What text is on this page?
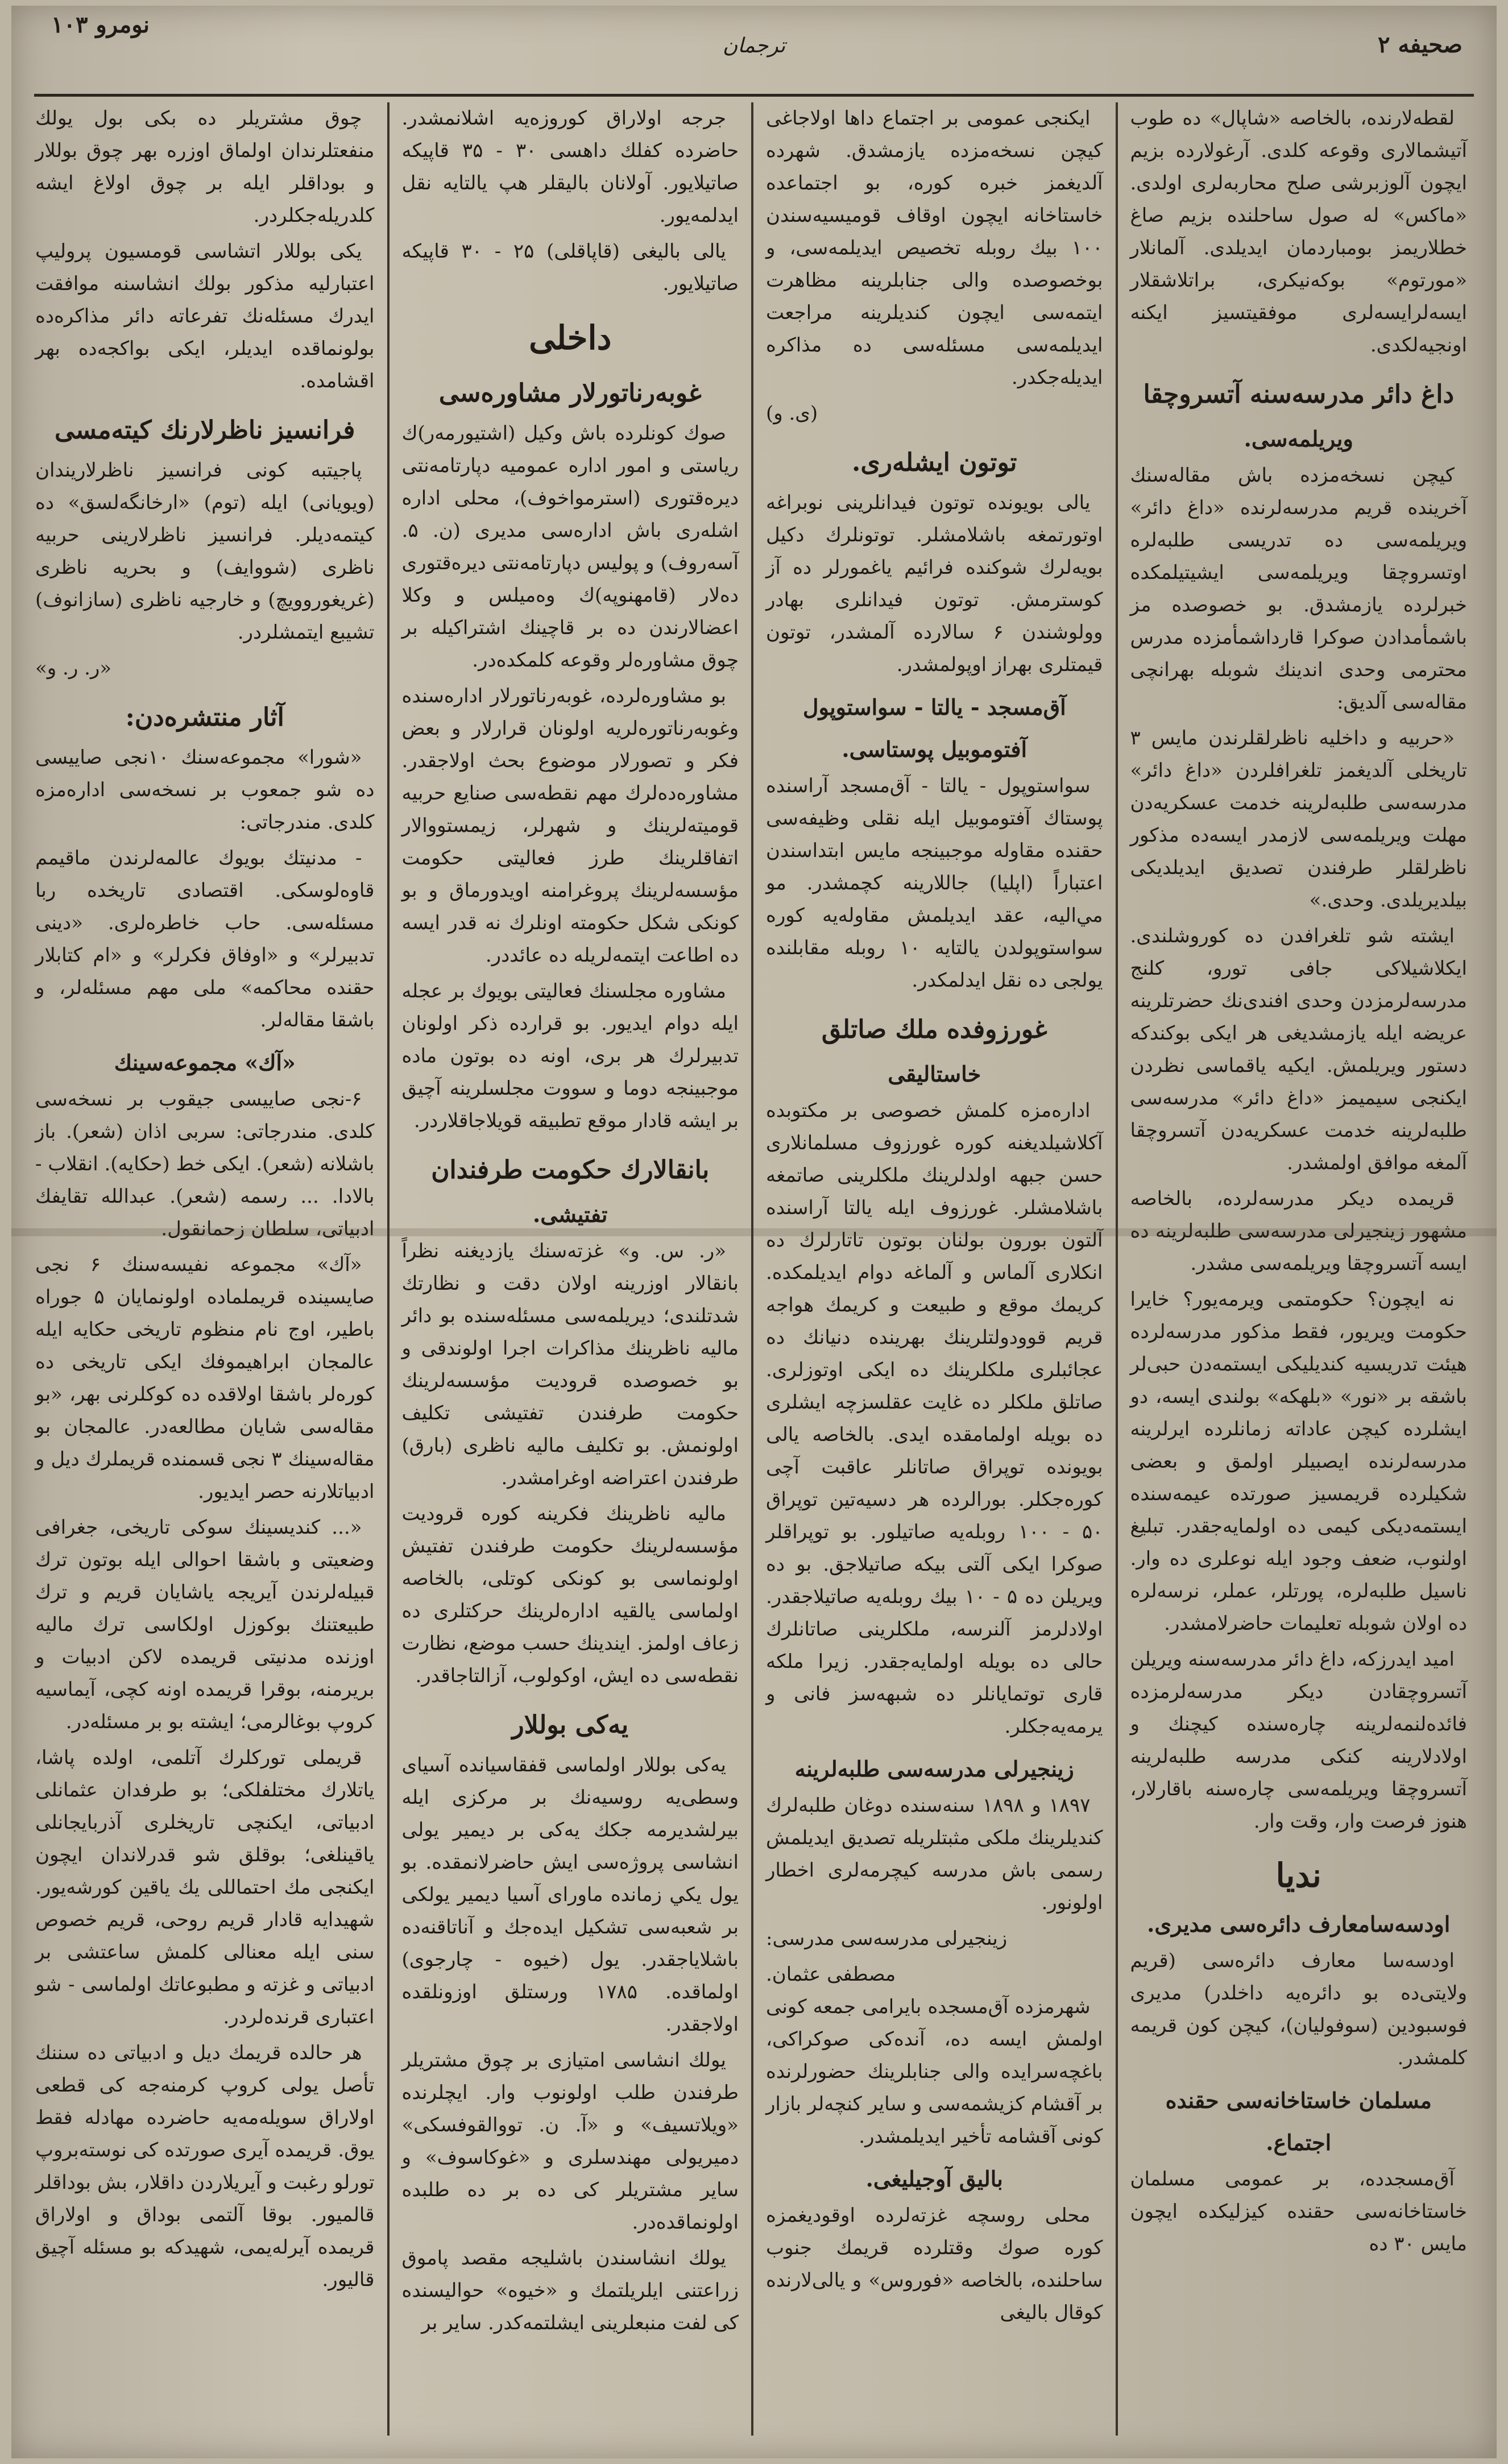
صحيفه ۲
ترجمان
نومرو ۱۰۳

لقطه‌لارنده، بالخاصه «شاپال» ده طوب آتيشمالاری وقوعه كلدی. آرغولارده بزيم ايچون آلوزبرشی صلح محاربه‌لری اولدی. «ماكس» له صول ساحلنده بزيم صاغ خطلاريمز بومباردمان ايديلدی. آلمانلار «مورتوم» بوكه‌نيكری، براتلاشقلار ايسه‌لرايسه‌لری موفقيتسيز ايكنه اونجيه‌لكدی.

داغ دائر مدرسه‌سنه آتسروچقا
ويريلمه‌سی.

كيچن نسخه‌مزده باش مقاله‌سنك آخرينده قريم مدرسه‌لرنده «داغ دائر» ويريلمه‌سی ده تدريسی طلبه‌لره اوتسروچقا ويريلمه‌سی ايشيتيلمكده خبرلرده يازمشدق. بو خصوصده مز باشمأمدادن صوكرا قارداشمأمزده مدرس محترمی وحدی اندینك شوبله بهرانچی مقاله‌سی آلديق:

«حربيه و داخليه ناظرلقلرندن مايس ۳ تاريخلی آلديغمز تلغرافلردن «داغ دائر» مدرسه‌سی طلبه‌لرينه خدمت عسكريه‌دن مهلت ويريلمه‌سی لازمدر ايسه‌ده مذكور ناظرلقلر طرفندن تصديق ايديلديكی بيلديريلدی. وحدی.»

ايشته شو تلغرافدن ده كوروشلندی. ايكلاشيلاكی جافی تورو، كلنج مدرسه‌لرمزدن وحدی افندی‌نك حضرتلرينه عريضه ايله يازمشديغی هر ايكی بوكندكه دستور ويريلمش. ايكيه ياقماسی نظردن ايكنجی سيميمز «داغ دائر» مدرسه‌سی طلبه‌لرينه خدمت عسكريه‌دن آتسروچقا آلمغه موافق اولمشدر.

قريمده ديكر مدرسه‌لرده، بالخاصه مشهور زينجيرلی مدرسه‌سی طلبه‌لرينه ده ايسه آتسروچقا ويريلمه‌سی مشدر.

نه ايچون؟ حكومتمی ويرمه‌يور؟ خايرا حكومت ويريور، فقط مذكور مدرسه‌لرده هيئت تدريسيه كنديليكی ايستمه‌دن حبی‌لر باشقه بر «نور» «بلهكه» بولندی ايسه، دو ايشلرده كيچن عاداته زمانلرده ايرلرينه مدرسه‌لرنده ايصبيلر اولمق و بعضی شكيلرده قريمسيز صورتده عيمه‌سنده ايستمه‌ديكی كيمی ده اولمايه‌جقدر. تبليغ اولنوب، ضعف وجود ايله نوعلری ده وار. ناسيل طلبه‌لره، پورتلر، عملر، نرسه‌لره ده اولان شوبله تعليمات حاضرلامشدر.

اميد ايدرزكه، داغ دائر مدرسه‌سنه ويريلن آتسروچقادن ديكر مدرسه‌لرمزده فائده‌لنمه‌لرينه چاره‌سنده كيچنك و اولادلارينه كنكی مدرسه طلبه‌لرينه آتسروچقا ويريلمه‌سی چاره‌سنه باقارلار، هنوز فرصت وار، وقت وار.

نديا
اودسه‌سامعارف دائره‌سی مديری.

اودسه‌سا معارف دائره‌سی (قريم ولايتی‌ده بو دائره‌يه داخلدر) مديری فوسبودين (سوفوليان)، كيچن كون قريمه كلمشدر.

مسلمان خاستاخانه‌سی حقنده
اجتماع.

آق‌مسجدده، بر عمومی مسلمان خاستاخانه‌سی حقنده كيزليكده ايچون مايس ۳۰ ده

ايكنجی عمومی بر اجتماع داها اولاجاغی كيچن نسخه‌مزده يازمشدق. شهرده آلديغمز خبره كوره، بو اجتماعده خاستاخانه ايچون اوقاف قوميسيه‌سندن ۱۰۰ بيك روبله تخصيص ايديلمه‌سی، و بوخصوصده والی جنابلرينه مظاهرت ايتمه‌سی ايچون كنديلرينه مراجعت ايديلمه‌سی مسئله‌سی ده مذاكره ايديله‌جكدر.

(ی. و)
توتون ايشله‌ری.

يالی بويونده توتون فيدانلرينی نوبراغه اوتورتمغه باشلامشلر. توتونلرك دكيل بويه‌لرك شوكنده فرائيم ياغمورلر ده آز كوسترمش. توتون فيدانلری بهادر وولوشندن ۶ سالارده آلمشدر، توتون قيمتلری بهراز اوپولمشدر.

آق‌مسجد - يالتا - سواستوپول
آفتوموبيل پوستاسی.

سواستوپول - يالتا - آق‌مسجد آراسنده پوستاك آفتوموبيل ايله نقلی وظيفه‌سی حقنده مقاوله موجبينجه مايس ابتداسندن اعتباراً (اپليا) جاللارينه كچمشدر. مو مي‌اليه، عقد ايديلمش مقاوله‌يه كوره سواستوپولدن يالتايه ۱۰ روبله مقابلنده يولجی ده نقل ايدلمكدر.

غورزوفده ملك صاتلق
خاستاليقی

اداره‌مزه كلمش خصوصی بر مكتوبده آكلاشيلديغنه كوره غورزوف مسلمانلاری حسن جبهه اولدلرينك ملكلرينی صاتمغه باشلامشلر. غورزوف ايله يالتا آراسنده آلتون بورون بولنان بوتون تاتارلرك ده انكلاری آلماس و آلماغه دوام ايديلمكده. كريمك موقع و طبيعت و كريمك هواجه قريم قوودولتلرينك بهرينده دنيانك ده عجائبلری ملكلرينك ده ايكی اوتوزلری. صاتلق ملكلر ده غايت عقلسزچه ايشلری ده بويله اولمامقده ايدی. بالخاصه يالی بويونده توپراق صاتانلر عاقبت آچی كوره‌جكلر. بورالرده هر دسيه‌تين توپراق ۵۰ - ۱۰۰ روبله‌يه صاتيلور. بو توپراقلر صوكرا ايكی آلتی بيكه صاتيلا‌جق. بو ده ويريلن ده ۵ - ۱۰ بيك روبله‌يه صاتيلا‌جقدر. اولادلرمز آلنرسه، ملكلرينی صاتانلرك حالی ده بويله اولمايه‌جقدر. زيرا ملكه قاری توتمايانلر ده شبهه‌سز فانی و يرمه‌يه‌جكلر.

زينجيرلی مدرسه‌سی طلبه‌لرينه

۱۸۹۷ و ۱۸۹۸ سنه‌سنده دوغان طلبه‌لرك كنديلرينك ملكی مثبتلريله تصديق ايديلمش رسمی باش مدرسه كيچرمه‌لری اخطار اولونور.

زينجيرلی مدرسه‌سی مدرسی:
مصطفی عثمان.

شهرمزده آق‌مسجده بايرامی جمعه كونی اولمش ايسه ده، آنده‌كی صوكراكی، باغچه‌سرايده والی جنابلرينك حضورلرنده بر آقشام كزيشمه‌سی و ساير كنچه‌لر بازار كونی آقشامه تأخير ايديلمشدر.

باليق آوجيليغی.

محلی روسچه غزته‌لرده اوقوديغمزه كوره صوك وقتلرده قريمك جنوب ساحلنده، بالخاصه «فوروس» و يالی‌لارنده كوقال باليغی

جرجه اولاراق كوروزه‌يه اشلانمشدر. حاضرده كفلك داهسی ۳۰ - ۳۵ قاپيكه صاتيلا‌يور. آولانان باليقلر هپ يالتايه نقل ايدلمه‌يور.

يالی باليغی (قاپاقلی) ۲۵ - ۳۰ قاپيكه صاتيلا‌يور.

داخلی
غوبه‌رناتورلار مشاوره‌سی

صوك كونلرده باش وكيل (اشتيورمه‌ر)ك رياستی و امور اداره عموميه دپارتامه‌نتی ديره‌قتوری (استرمواخوف)، محلی اداره اشله‌ری باش اداره‌سی مديری (ن. ۵. آسه‌روف) و پوليس دپارتامه‌نتی ديره‌قتوری ده‌لار (قامهنوپه)ك وه‌ميلس و وكلا اعضالارندن ده بر قاچينك اشتراكيله بر چوق مشاوره‌لر وقوعه كلمكده‌در.

بو مشاوره‌لرده، غوبه‌رناتورلار اداره‌سنده وغوبه‌رناتوره‌لريه اولونان قرارلار و بعض فكر و تصورلار موضوع بحث اولاجقدر. مشاوره‌ده‌لرك مهم نقطه‌سی صنايع حربيه قوميته‌لرينك و شهرلر، زيمستووالار اتفاقلرينك طرز فعاليتی حكومت مؤسسه‌لرينك پروغرامنه اويدورماق و بو كونکی شکل حكومته اونلرك نه قدر ايسه ده اطاعت ايتمه‌لريله ده عائددر.

مشاوره مجلسنك فعاليتی بويوك بر عجله ايله دوام ايديور. بو قرارده ذكر اولونان تدبيرلرك هر بری، اونه ده بوتون ماده موجبينجه دوما و سووت مجلسلرينه آچيق بر ايشه قادار موقع تطبيقه قويلاجاقلاردر.

بانقالارك حكومت طرفندان
تفتيشی.

«ر. س. و» غزته‌سنك يازديغنه نظراً بانقالار اوزرينه اولان دقت و نظارتك شدتلندی؛ ديريلمه‌سی مسئله‌سنده بو دائر ماليه ناظرينك مذاكرات اجرا اولوندقی و بو خصوصده قروديت مؤسسه‌لرينك حكومت طرفندن تفتيشی تكليف اولونمش. بو تكليف ماليه ناظری (بارق) طرفندن اعتراضه اوغرامشدر.

ماليه ناظرينك فكرينه كوره قروديت مؤسسه‌لرينك حكومت طرفندن تفتيش اولونماسی بو كونكی كوتلی، بالخاصه اولماسی يالقيه اداره‌لرينك حركتلری ده زعاف اولمز. ايندينك حسب موضع، نظارت نقطه‌سی ده ايش، اوكولوب، آزالتاجاقدر.

يه‌كی بوللار

يه‌كی بوللار اولماسی قفقاسيانده آسيای وسطی‌يه روسيه‌نك بر مركزی ايله بيرلشديرمه جكك يه‌كی بر ديمير يولی انشاسی پروژه‌سی ايش حاضرلانمقده. بو يول يكي زمانده ماورای آسيا ديمير يولكی بر شعبه‌سی تشکيل ايده‌جك و آناتاقنه‌ده باشلاياجقدر. يول (خيوه - چارجوی) اولماقده. ۱۷۸۵ ورستلق اوزونلقده اولاجقدر.

يولك انشاسی امتيازی بر چوق مشتريلر طرفندن طلب اولونوب وار. ايچلرنده «ويلاتسيف» و «آ. ن. تووالقوفسكی» دميريولی مهندسلری و «غوكاسوف» و ساير مشتريلر كی ده بر ده طلبده اولونماقده‌در.

يولك انشاسندن باشليجه مقصد پاموق زراعتنی ايلريلتمك و «خيوه» حواليسنده كی لفت منبعلرينی ايشلتمه‌كدر. ساير بر

چوق مشتريلر ده بكی بول يولك منفعتلرندان اولماق اوزره بهر چوق بوللار و بوداقلر ايله بر چوق اولاغ ايشه كلدريله‌جكلردر.

يكی بوللار اتشاسی قومسيون پروليپ اعتبارليه مذكور بولك انشاسنه موافقت ايدرك مسئله‌نك تفرعاته دائر مذاكره‌ده بولونماقده ايديلر، ايكی بواكجه‌ده بهر اقشامده.

فرانسيز ناظرلارنك كيته‌مسی

پاجيتبه كونی فرانسيز ناظرلاريندان (ويويانی) ايله (توم) «ارخانگه‌لسق» ده كيتمه‌ديلر. فرانسيز ناظرلارينی حربيه ناظری (شووايف) و بحريه ناظری (غريغوروويچ) و خارجيه ناظری (سازانوف) تشيبع ايتمشلردر.

«ر. ر. و»
آثار منتشره‌دن:

«شورا» مجموعه‌سنك ۱۰نجی صاييسی ده شو جمعوب بر نسخه‌سی اداره‌مزه كلدی. مندرجاتی:

- مدنيتك بويوك عالمه‌لرندن ماقيمم قاوه‌لوسکی. اقتصادی تاريخده ربا مسئله‌سی. حاب خاطره‌لری. «دينی تدبيرلر» و «اوفاق فكرلر» و «ام كتابلار حقنده محاكمه» ملی مهم مسئله‌لر، و باشقا مقاله‌لر.

«آك» مجموعه‌سينك

۶-نجی صاييسی جيقوب بر نسخه‌سی كلدی. مندرجاتی: سربی اذان (شعر). باز باشلانه (شعر). ايكی خط (حكايه). انقلاب - بالادا. ... رسمه (شعر). عبدالله تقايفك ادبياتی، سلطان زحمانقول.

«آك» مجموعه نفيسه‌سنك ۶ نجی صايسينده قريملماده اولونمايان ۵ جوراه باطير، اوج نام منظوم تاريخی حكايه ايله عالمجان ابراهيموفك ايكی تاريخی ده كوره‌لر باشقا اولاقده ده كوكلرنی بهر، «بو مقاله‌سی شايان مطالعه‌در. عالمجان بو مقاله‌سينك ۳ نجی قسمنده قريملرك ديل و ادبياتلارنه حصر ايديور.

«... كنديسينك سوكی تاريخی، جغرافی وضعيتی و باشقا احوالی ايله بوتون ترك قبيله‌لرندن آيريجه ياشايان قريم و ترك طبيعتنك بوكوزل اولكاسی ترك ماليه اوزنده مدنيتی قريمده لاکن ادبيات و بريرمنه، بوقرا قريمده اونه كچی، آيماسيه كروپ بوغالرمی؛ ايشته بو بر مسئله‌در.

قريملی توركلرك آتلمی، اولده پاشا، ياتلارك مختلفلكی؛ بو طرفدان عثمانلی ادبياتی، ايكنچی تاريخلری آذربايجانلی ياقينلغی؛ بوقلق شو قدرلاندان ايچون ايكنجی مك احتماللی يك ياقين كورشه‌يور. شهيدايه قادار قريم روحی، قريم خصوص سنی ايله معنالی كلمش ساعتشی بر ادبياتی و غزته و مطبوعاتك اولماسی - شو اعتباری قرنده‌لردر.

هر حالده قريمك ديل و ادبياتی ده سننك تأصل يولی كروپ كرمنه‌جه كی قطعی اولاراق سويله‌مه‌يه حاضرده مهادله فقط يوق. قريمده آيری صورتده كی نوسته‌بروپ تورلو رغبت و آيريلاردن داقلار، بش بوداقلر قالميور. بوقا آلتمی بوداق و اولاراق قريمده آيرله‌يمی، شهيدكه بو مسئله آچيق قاليور.
